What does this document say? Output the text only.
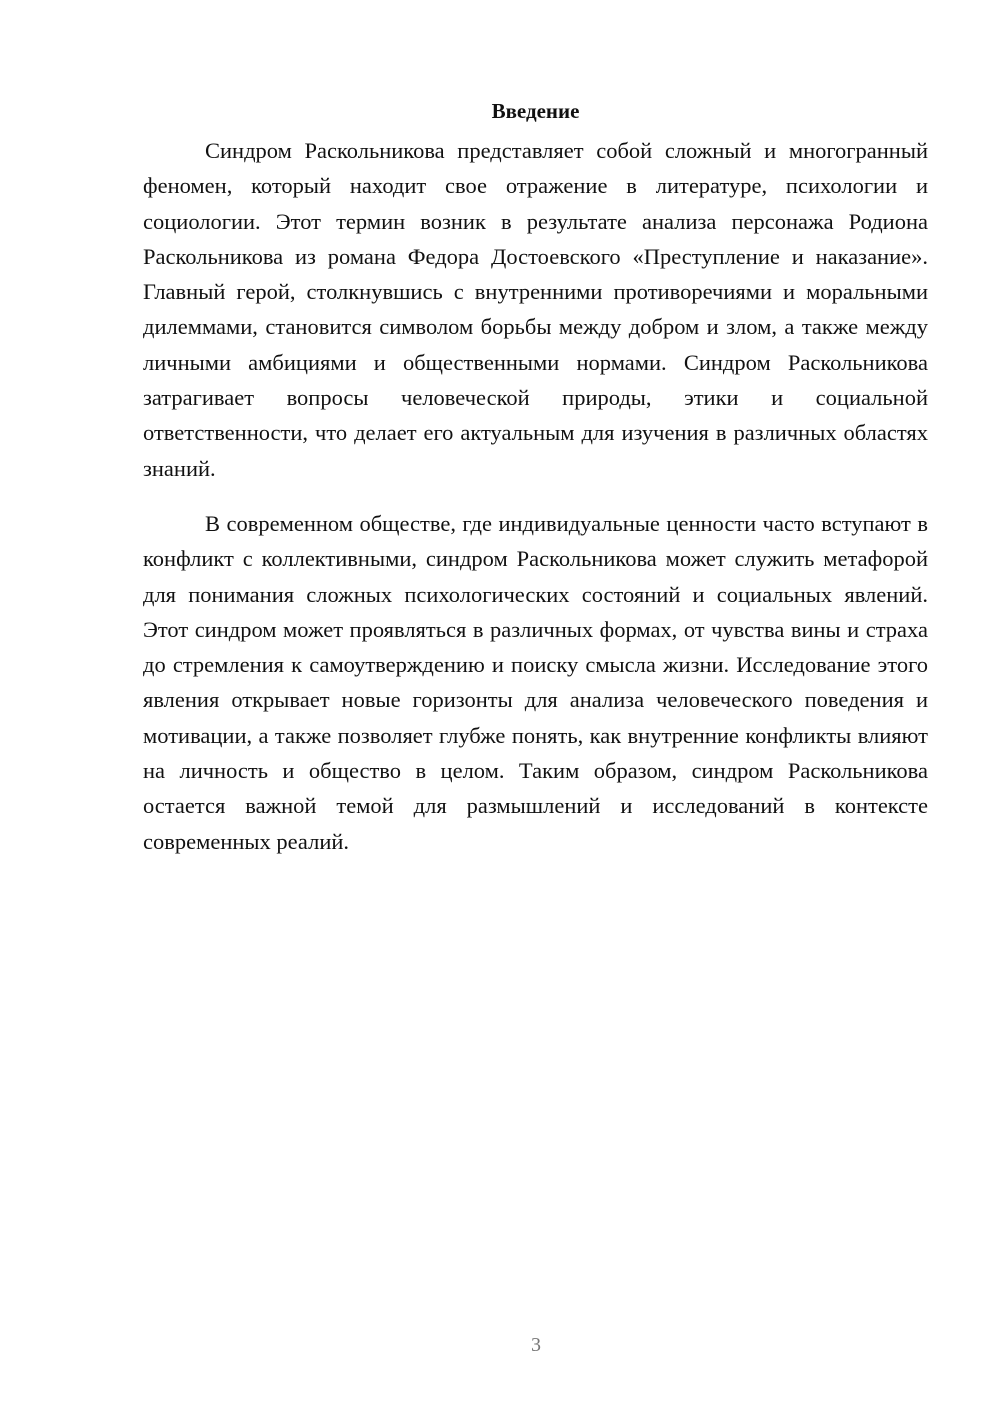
Введение

Синдром Раскольникова представляет собой сложный и многогранный феномен, который находит свое отражение в литературе, психологии и социологии. Этот термин возник в результате анализа персонажа Родиона Раскольникова из романа Федора Достоевского «Преступление и наказание». Главный герой, столкнувшись с внутренними противоречиями и моральными дилеммами, становится символом борьбы между добром и злом, а также между личными амбициями и общественными нормами. Синдром Раскольникова затрагивает вопросы человеческой природы, этики и социальной ответственности, что делает его актуальным для изучения в различных областях знаний.

В современном обществе, где индивидуальные ценности часто вступают в конфликт с коллективными, синдром Раскольникова может служить метафорой для понимания сложных психологических состояний и социальных явлений. Этот синдром может проявляться в различных формах, от чувства вины и страха до стремления к самоутверждению и поиску смысла жизни. Исследование этого явления открывает новые горизонты для анализа человеческого поведения и мотивации, а также позволяет глубже понять, как внутренние конфликты влияют на личность и общество в целом. Таким образом, синдром Раскольникова остается важной темой для размышлений и исследований в контексте современных реалий.

3
